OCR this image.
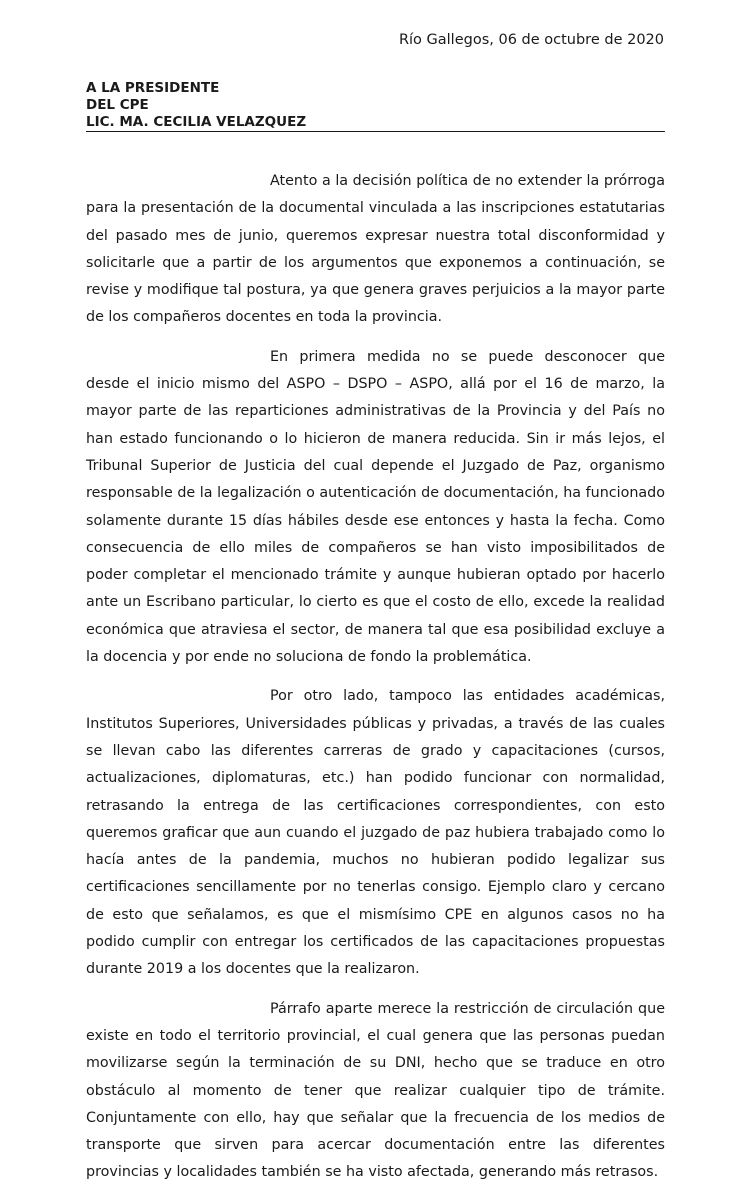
Río Gallegos, 06 de octubre de 2020
A LA PRESIDENTE
DEL CPE
LIC. MA. CECILIA VELAZQUEZ

Atento a la decisión política de no extender la prórroga para la presentación de la documental vinculada a las inscripciones estatutarias del pasado mes de junio, queremos expresar nuestra total disconformidad y solicitarle que a partir de los argumentos que exponemos a continuación, se revise y modifique tal postura, ya que genera graves perjuicios a la mayor parte de los compañeros docentes en toda la provincia.

En primera medida no se puede desconocer que desde el inicio mismo del ASPO – DSPO – ASPO, allá por el 16 de marzo, la mayor parte de las reparticiones administrativas de la Provincia y del País no han estado funcionando o lo hicieron de manera reducida. Sin ir más lejos, el Tribunal Superior de Justicia del cual depende el Juzgado de Paz, organismo responsable de la legalización o autenticación de documentación, ha funcionado solamente durante 15 días hábiles desde ese entonces y hasta la fecha. Como consecuencia de ello miles de compañeros se han visto imposibilitados de poder completar el mencionado trámite y aunque hubieran optado por hacerlo ante un Escribano particular, lo cierto es que el costo de ello, excede la realidad económica que atraviesa el sector, de manera tal que esa posibilidad excluye a la docencia y por ende no soluciona de fondo la problemática.

Por otro lado, tampoco las entidades académicas, Institutos Superiores, Universidades públicas y privadas, a través de las cuales se llevan cabo las diferentes carreras de grado y capacitaciones (cursos, actualizaciones, diplomaturas, etc.) han podido funcionar con normalidad, retrasando la entrega de las certificaciones correspondientes, con esto queremos graficar que aun cuando el juzgado de paz hubiera trabajado como lo hacía antes de la pandemia, muchos no hubieran podido legalizar sus certificaciones sencillamente por no tenerlas consigo. Ejemplo claro y cercano de esto que señalamos, es que el mismísimo CPE en algunos casos no ha podido cumplir con entregar los certificados de las capacitaciones propuestas durante 2019 a los docentes que la realizaron.

Párrafo aparte merece la restricción de circulación que existe en todo el territorio provincial, el cual genera que las personas puedan movilizarse según la terminación de su DNI, hecho que se traduce en otro obstáculo al momento de tener que realizar cualquier tipo de trámite. Conjuntamente con ello, hay que señalar que la frecuencia de los medios de transporte que sirven para acercar documentación entre las diferentes provincias y localidades también se ha visto afectada, generando más retrasos.
